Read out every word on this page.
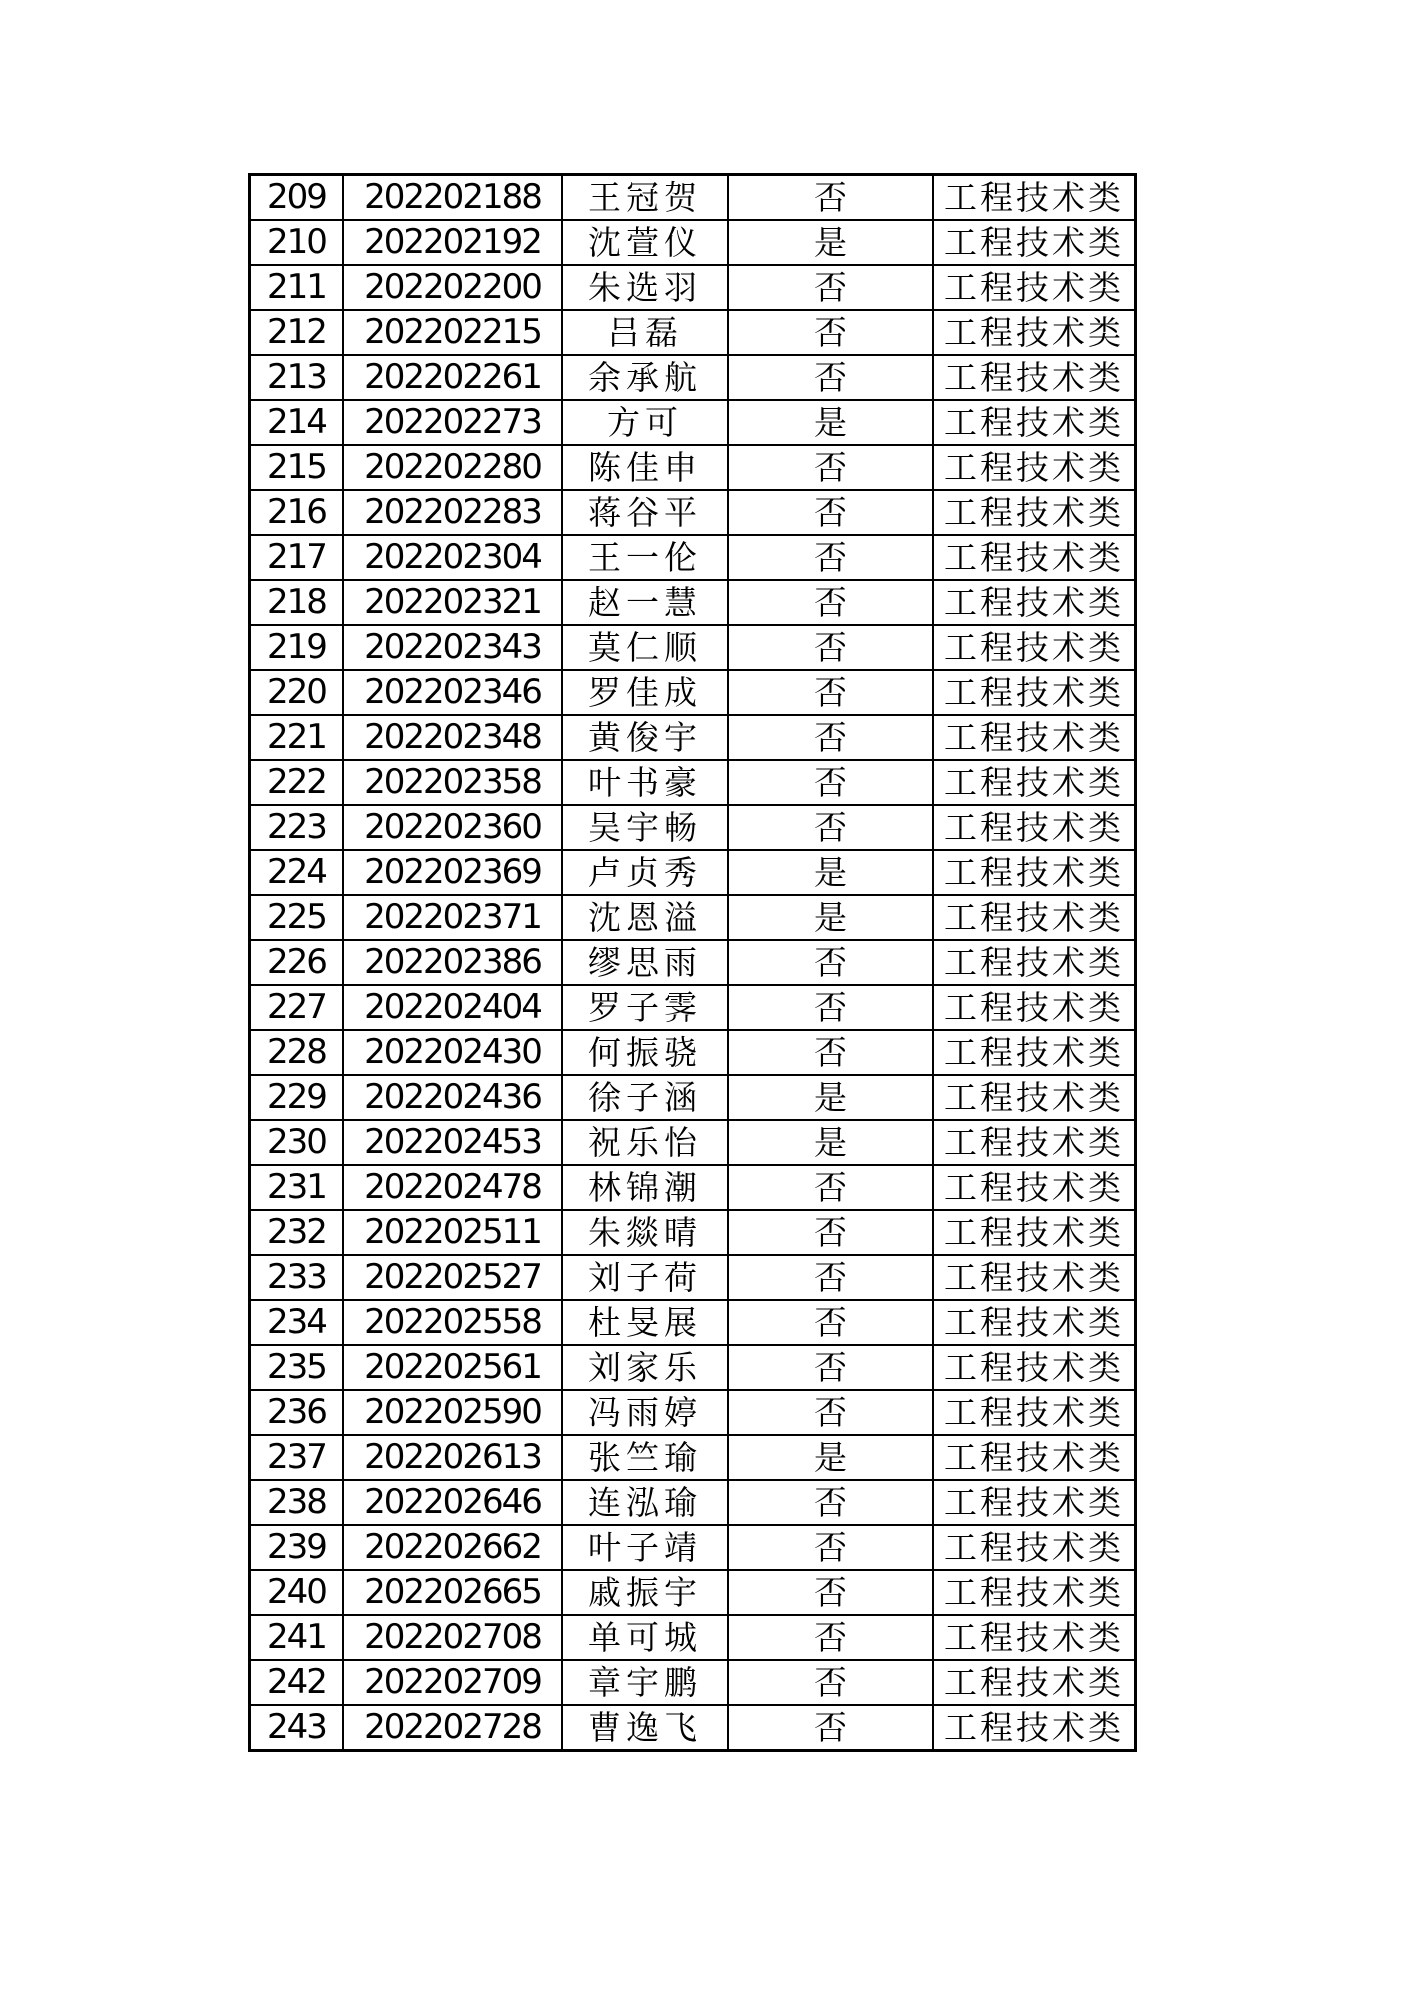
209	202202188	王冠贺	否	工程技术类
210	202202192	沈萱仪	是	工程技术类
211	202202200	朱选羽	否	工程技术类
212	202202215	吕磊	否	工程技术类
213	202202261	余承航	否	工程技术类
214	202202273	方可	是	工程技术类
215	202202280	陈佳申	否	工程技术类
216	202202283	蒋谷平	否	工程技术类
217	202202304	王一伦	否	工程技术类
218	202202321	赵一慧	否	工程技术类
219	202202343	莫仁顺	否	工程技术类
220	202202346	罗佳成	否	工程技术类
221	202202348	黄俊宇	否	工程技术类
222	202202358	叶书豪	否	工程技术类
223	202202360	吴宇畅	否	工程技术类
224	202202369	卢贞秀	是	工程技术类
225	202202371	沈恩溢	是	工程技术类
226	202202386	缪思雨	否	工程技术类
227	202202404	罗子霁	否	工程技术类
228	202202430	何振骁	否	工程技术类
229	202202436	徐子涵	是	工程技术类
230	202202453	祝乐怡	是	工程技术类
231	202202478	林锦潮	否	工程技术类
232	202202511	朱燚晴	否	工程技术类
233	202202527	刘子荷	否	工程技术类
234	202202558	杜旻展	否	工程技术类
235	202202561	刘家乐	否	工程技术类
236	202202590	冯雨婷	否	工程技术类
237	202202613	张竺瑜	是	工程技术类
238	202202646	连泓瑜	否	工程技术类
239	202202662	叶子靖	否	工程技术类
240	202202665	戚振宇	否	工程技术类
241	202202708	单可城	否	工程技术类
242	202202709	章宇鹏	否	工程技术类
243	202202728	曹逸飞	否	工程技术类
